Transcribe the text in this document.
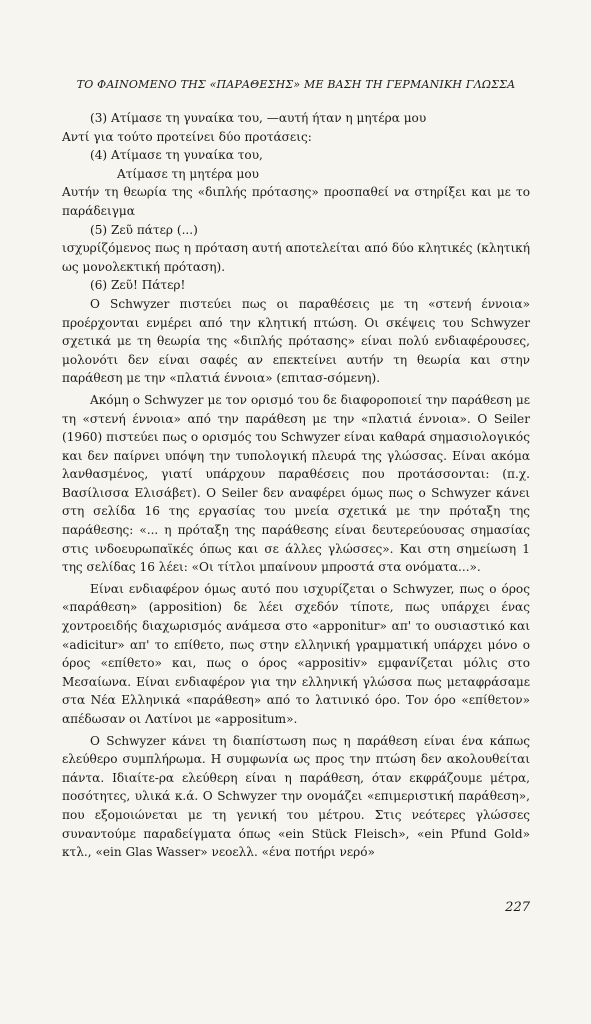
ΤΟ ΦΑΙΝΟΜΕΝΟ ΤΗΣ «ΠΑΡΑΘΕΣΗΣ» ΜΕ ΒΑΣΗ ΤΗ ΓΕΡΜΑΝΙΚΗ ΓΛΩΣΣΑ

(3) Ατίμασε τη γυναίκα του, —αυτή ήταν η μητέρα μου

Αντί για τούτο προτείνει δύο προτάσεις:

(4) Ατίμασε τη γυναίκα του,

Ατίμασε τη μητέρα μου

Αυτήν τη θεωρία της «διπλής πρότασης» προσπαθεί να στηρίξει και με το παράδειγμα

(5) Ζεῦ πάτερ (...)

ισχυρίζόμενος πως η πρόταση αυτή αποτελείται από δύο κλητικές (κλητική ως μονολεκτική πρόταση).

(6) Ζεῦ! Πάτερ!

Ο Schwyzer πιστεύει πως οι παραθέσεις με τη «στενή έννοια» προέρχονται ενμέρει από την κλητική πτώση. Οι σκέψεις του Schwyzer σχετικά με τη θεωρία της «διπλής πρότασης» είναι πολύ ενδιαφέρουσες, μολονότι δεν είναι σαφές αν επεκτείνει αυτήν τη θεωρία και στην παράθεση με την «πλατιά έννοια» (επιτασ-σόμενη).

Ακόμη ο Schwyzer με τον ορισμό του δε διαφοροποιεί την παράθεση με τη «στενή έννοια» από την παράθεση με την «πλατιά έννοια». Ο Seiler (1960) πιστεύει πως ο ορισμός του Schwyzer είναι καθαρά σημασιολογικός και δεν παίρνει υπόψη την τυπολογική πλευρά της γλώσσας. Είναι ακόμα λανθασμένος, γιατί υπάρχουν παραθέσεις που προτάσσονται: (π.χ. Βασίλισσα Ελισάβετ). Ο Seiler δεν αναφέρει όμως πως ο Schwyzer κάνει στη σελίδα 16 της εργασίας του μνεία σχετικά με την πρόταξη της παράθεσης: «... η πρόταξη της παράθεσης είναι δευτερεύουσας σημασίας στις ινδοευρωπαϊκές όπως και σε άλλες γλώσσες». Και στη σημείωση 1 της σελίδας 16 λέει: «Οι τίτλοι μπαίνουν μπροστά στα ονόματα...».

Είναι ενδιαφέρον όμως αυτό που ισχυρίζεται ο Schwyzer, πως ο όρος «παράθεση» (apposition) δε λέει σχεδόν τίποτε, πως υπάρχει ένας χοντροειδής διαχωρισμός ανάμεσα στο «apponitur» απ' το ουσιαστικό και «adicitur» απ' το επίθετο, πως στην ελληνική γραμματική υπάρχει μόνο ο όρος «επίθετο» και, πως ο όρος «appositiv» εμφανίζεται μόλις στο Μεσαίωνα. Είναι ενδιαφέρον για την ελληνική γλώσσα πως μεταφράσαμε στα Νέα Ελληνικά «παράθεση» από το λατινικό όρο. Τον όρο «επίθετον» απέδωσαν οι Λατίνοι με «appositum».

Ο Schwyzer κάνει τη διαπίστωση πως η παράθεση είναι ένα κάπως ελεύθερο συμπλήρωμα. Η συμφωνία ως προς την πτώση δεν ακολουθείται πάντα. Ιδιαίτε-ρα ελεύθερη είναι η παράθεση, όταν εκφράζουμε μέτρα, ποσότητες, υλικά κ.ά. Ο Schwyzer την ονομάζει «επιμεριστική παράθεση», που εξομοιώνεται με τη γενική του μέτρου. Στις νεότερες γλώσσες συναντούμε παραδείγματα όπως «ein Stück Fleisch», «ein Pfund Gold» κτλ., «ein Glas Wasser» νεοελλ. «ένα ποτήρι νερό»

227
